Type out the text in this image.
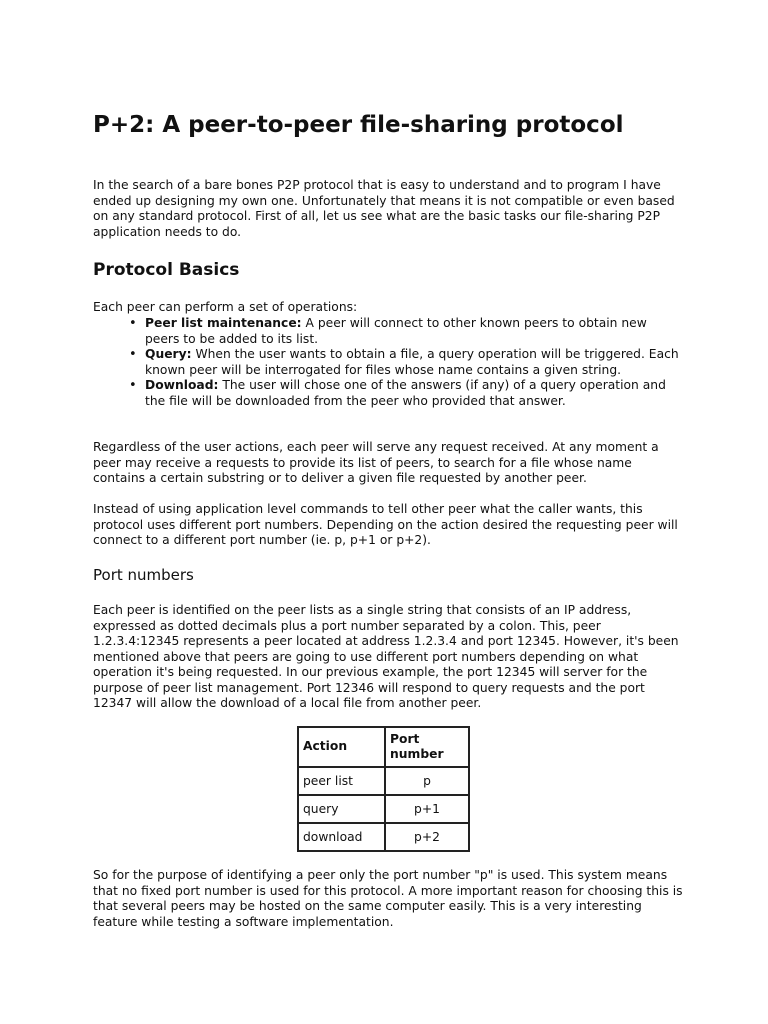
P+2: A peer-to-peer file-sharing protocol

In the search of a bare bones P2P protocol that is easy to understand and to program I have ended up designing my own one. Unfortunately that means it is not compatible or even based on any standard protocol. First of all, let us see what are the basic tasks our file-sharing P2P application needs to do.

Protocol Basics

Each peer can perform a set of operations:

• Peer list maintenance: A peer will connect to other known peers to obtain new peers to be added to its list.
• Query: When the user wants to obtain a file, a query operation will be triggered. Each known peer will be interrogated for files whose name contains a given string.
• Download: The user will chose one of the answers (if any) of a query operation and the file will be downloaded from the peer who provided that answer.

Regardless of the user actions, each peer will serve any request received. At any moment a peer may receive a requests to provide its list of peers, to search for a file whose name contains a certain substring or to deliver a given file requested by another peer.

Instead of using application level commands to tell other peer what the caller wants, this protocol uses different port numbers. Depending on the action desired the requesting peer will connect to a different port number (ie. p, p+1 or p+2).

Port numbers

Each peer is identified on the peer lists as a single string that consists of an IP address, expressed as dotted decimals plus a port number separated by a colon. This, peer 1.2.3.4:12345 represents a peer located at address 1.2.3.4 and port 12345. However, it's been mentioned above that peers are going to use different port numbers depending on what operation it's being requested. In our previous example, the port 12345 will server for the purpose of peer list management. Port 12346 will respond to query requests and the port 12347 will allow the download of a local file from another peer.

Action	Port number
peer list	p
query	p+1
download	p+2

So for the purpose of identifying a peer only the port number "p" is used. This system means that no fixed port number is used for this protocol. A more important reason for choosing this is that several peers may be hosted on the same computer easily. This is a very interesting feature while testing a software implementation.
